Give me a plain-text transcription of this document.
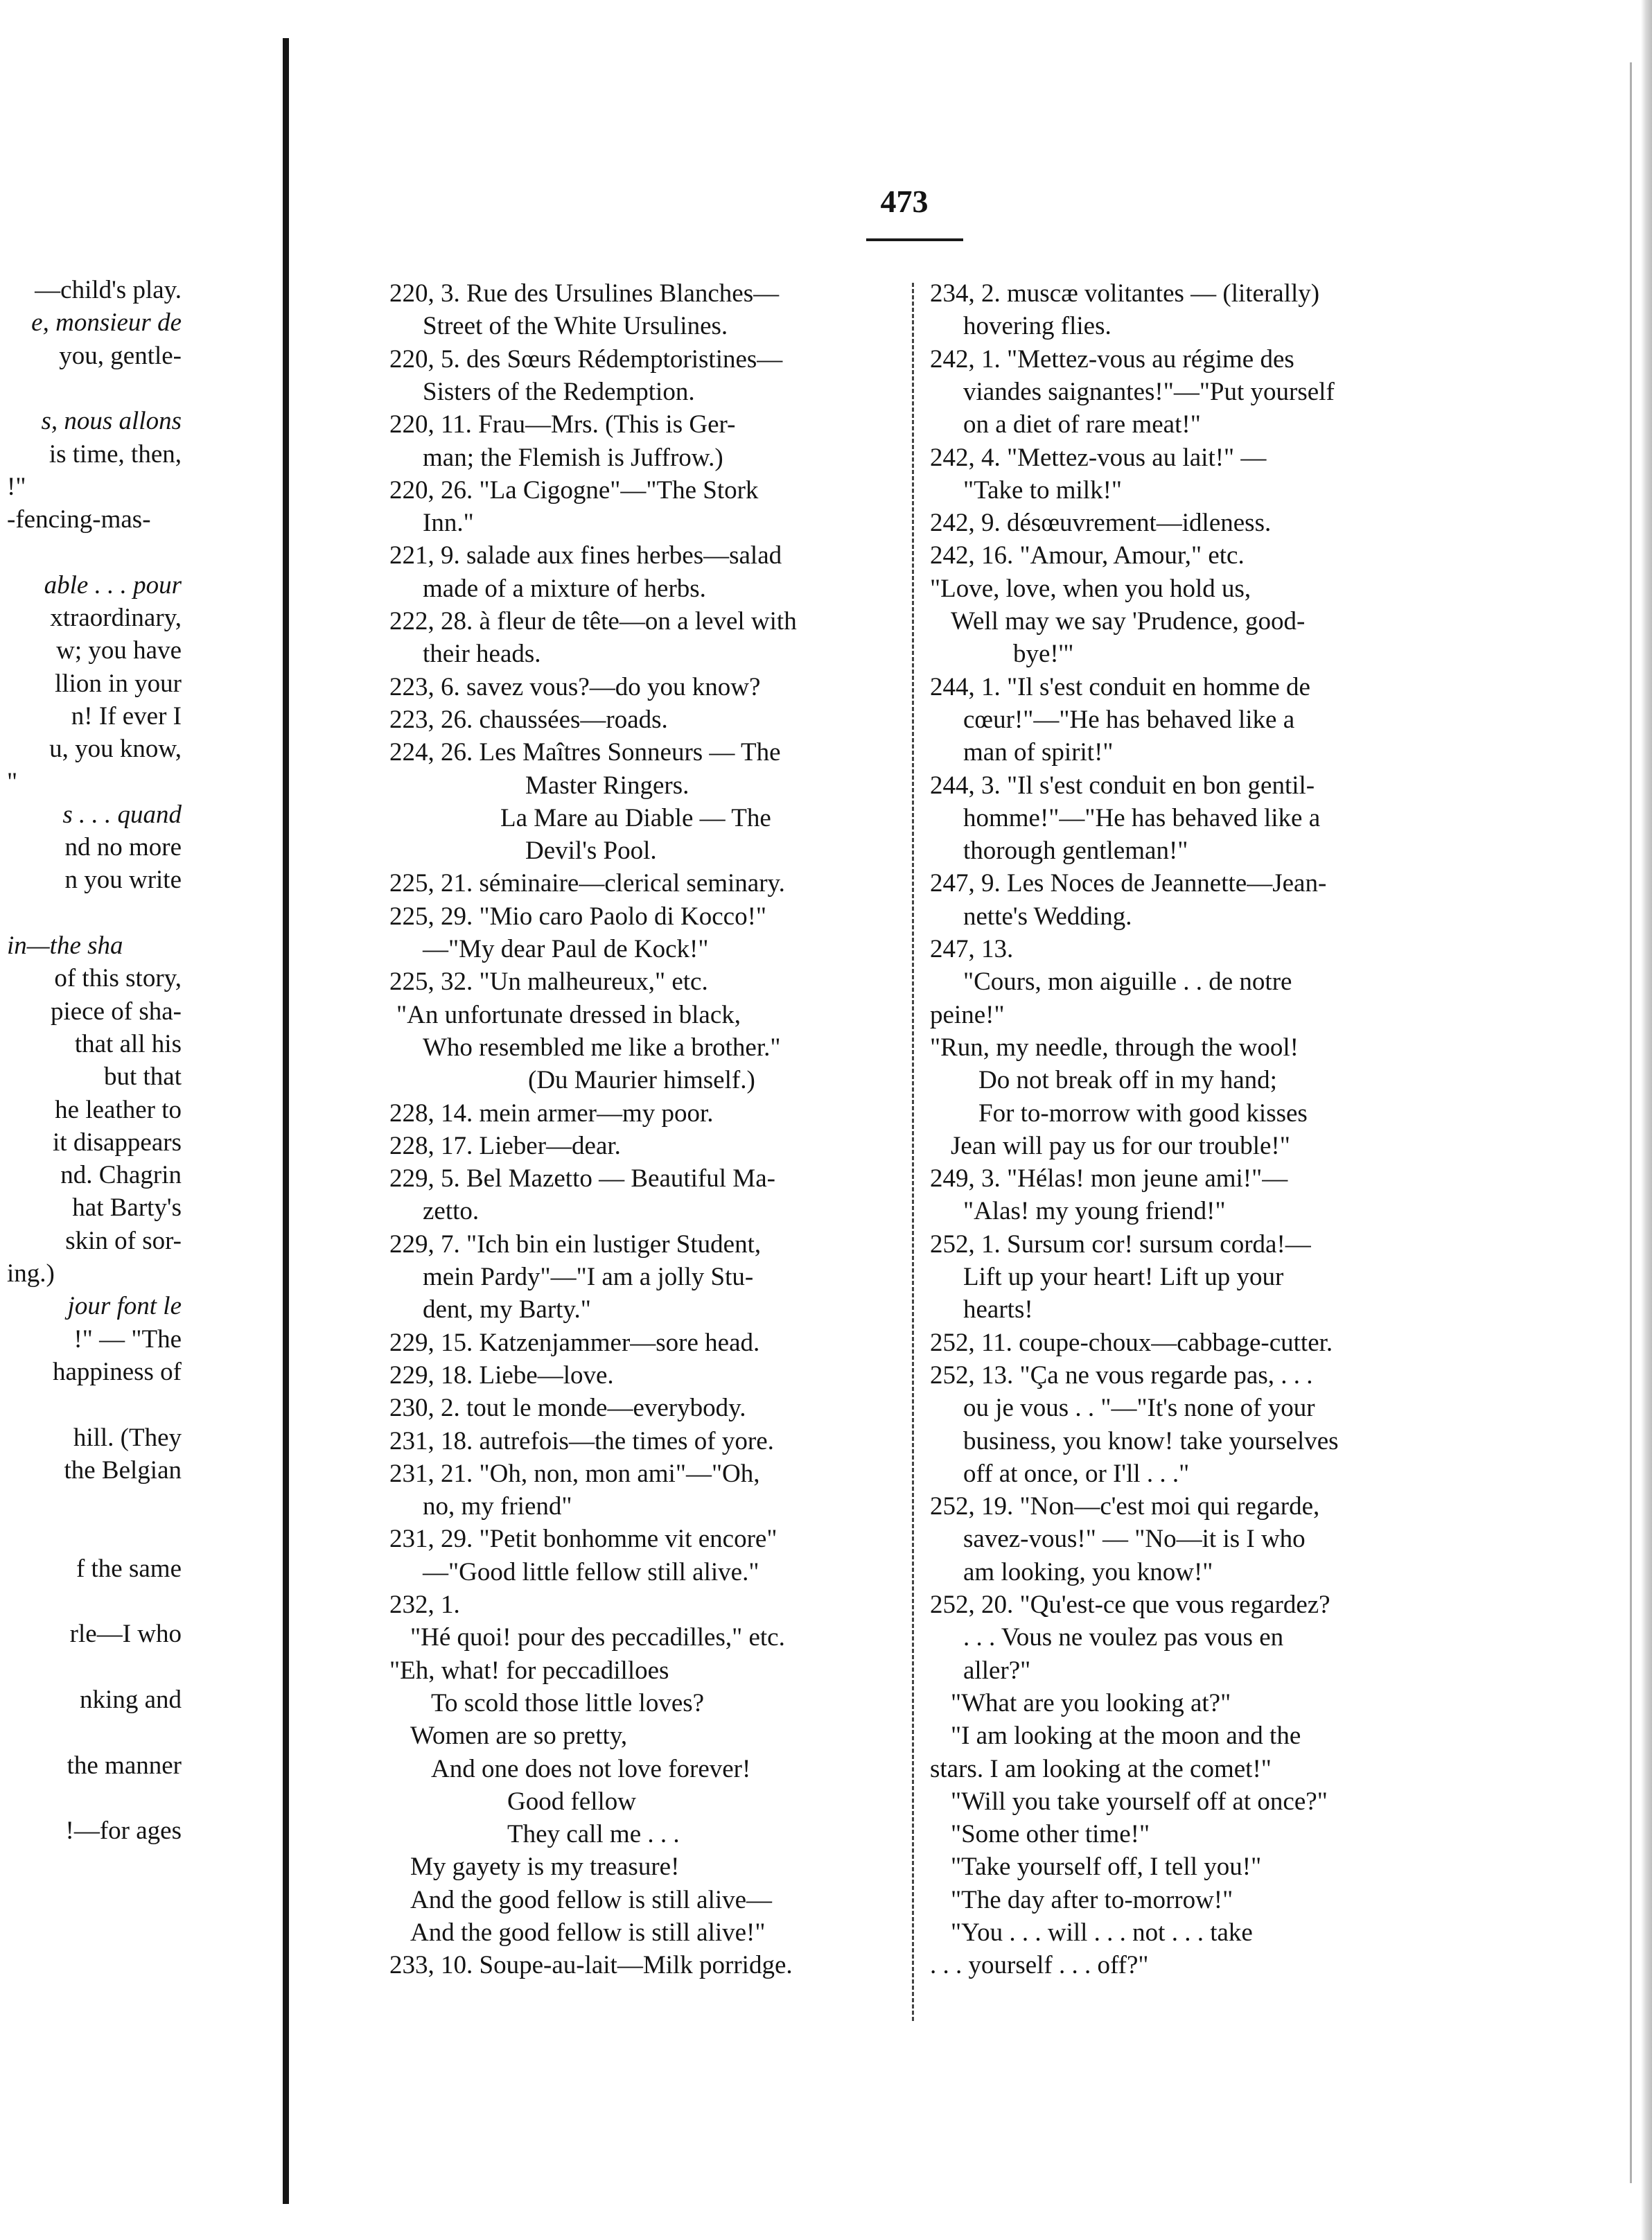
473
—child's play.
e, monsieur de
you, gentle-
s, nous allons
is time, then,
!"
-fencing-mas-
able . . . pour
xtraordinary,
w; you have
llion in your
n! If ever I
u, you know,
"
s . . . quand
nd no more
n you write
in—the sha
of this story,
piece of sha-
that all his
but that
he leather to
it disappears
nd. Chagrin
hat Barty's
skin of sor-
ing.)
jour font le
!" — "The
happiness of
hill. (They
the Belgian
f the same
rle—I who
nking and
the manner
!—for ages
220, 3. Rue des Ursulines Blanches—
Street of the White Ursulines.
220, 5. des Sœurs Rédemptoristines—
Sisters of the Redemption.
220, 11. Frau—Mrs. (This is Ger-
man; the Flemish is Juffrow.)
220, 26. "La Cigogne"—"The Stork
Inn."
221, 9. salade aux fines herbes—salad
made of a mixture of herbs.
222, 28. à fleur de tête—on a level with
their heads.
223, 6. savez vous?—do you know?
223, 26. chaussées—roads.
224, 26. Les Maîtres Sonneurs — The
Master Ringers.
La Mare au Diable — The
Devil's Pool.
225, 21. séminaire—clerical seminary.
225, 29. "Mio caro Paolo di Kocco!"
—"My dear Paul de Kock!"
225, 32. "Un malheureux," etc.
"An unfortunate dressed in black,
Who resembled me like a brother."
(Du Maurier himself.)
228, 14. mein armer—my poor.
228, 17. Lieber—dear.
229, 5. Bel Mazetto — Beautiful Ma-
zetto.
229, 7. "Ich bin ein lustiger Student,
mein Pardy"—"I am a jolly Stu-
dent, my Barty."
229, 15. Katzenjammer—sore head.
229, 18. Liebe—love.
230, 2. tout le monde—everybody.
231, 18. autrefois—the times of yore.
231, 21. "Oh, non, mon ami"—"Oh,
no, my friend"
231, 29. "Petit bonhomme vit encore"
—"Good little fellow still alive."
232, 1.
"Hé quoi! pour des peccadilles," etc.
"Eh, what! for peccadilloes
To scold those little loves?
Women are so pretty,
And one does not love forever!
Good fellow
They call me . . .
My gayety is my treasure!
And the good fellow is still alive—
And the good fellow is still alive!"
233, 10. Soupe-au-lait—Milk porridge.
234, 2. muscæ volitantes — (literally)
hovering flies.
242, 1. "Mettez-vous au régime des
viandes saignantes!"—"Put yourself
on a diet of rare meat!"
242, 4. "Mettez-vous au lait!" —
"Take to milk!"
242, 9. désœuvrement—idleness.
242, 16. "Amour, Amour," etc.
"Love, love, when you hold us,
Well may we say 'Prudence, good-
bye!'"
244, 1. "Il s'est conduit en homme de
cœur!"—"He has behaved like a
man of spirit!"
244, 3. "Il s'est conduit en bon gentil-
homme!"—"He has behaved like a
thorough gentleman!"
247, 9. Les Noces de Jeannette—Jean-
nette's Wedding.
247, 13.
"Cours, mon aiguille . . de notre
peine!"
"Run, my needle, through the wool!
Do not break off in my hand;
For to-morrow with good kisses
Jean will pay us for our trouble!"
249, 3. "Hélas! mon jeune ami!"—
"Alas! my young friend!"
252, 1. Sursum cor! sursum corda!—
Lift up your heart! Lift up your
hearts!
252, 11. coupe-choux—cabbage-cutter.
252, 13. "Ça ne vous regarde pas, . . .
ou je vous . . "—"It's none of your
business, you know! take yourselves
off at once, or I'll . . ."
252, 19. "Non—c'est moi qui regarde,
savez-vous!" — "No—it is I who
am looking, you know!"
252, 20. "Qu'est-ce que vous regardez?
. . . Vous ne voulez pas vous en
aller?"
"What are you looking at?"
"I am looking at the moon and the
stars. I am looking at the comet!"
"Will you take yourself off at once?"
"Some other time!"
"Take yourself off, I tell you!"
"The day after to-morrow!"
"You . . . will . . . not . . . take
. . . yourself . . . off?"
